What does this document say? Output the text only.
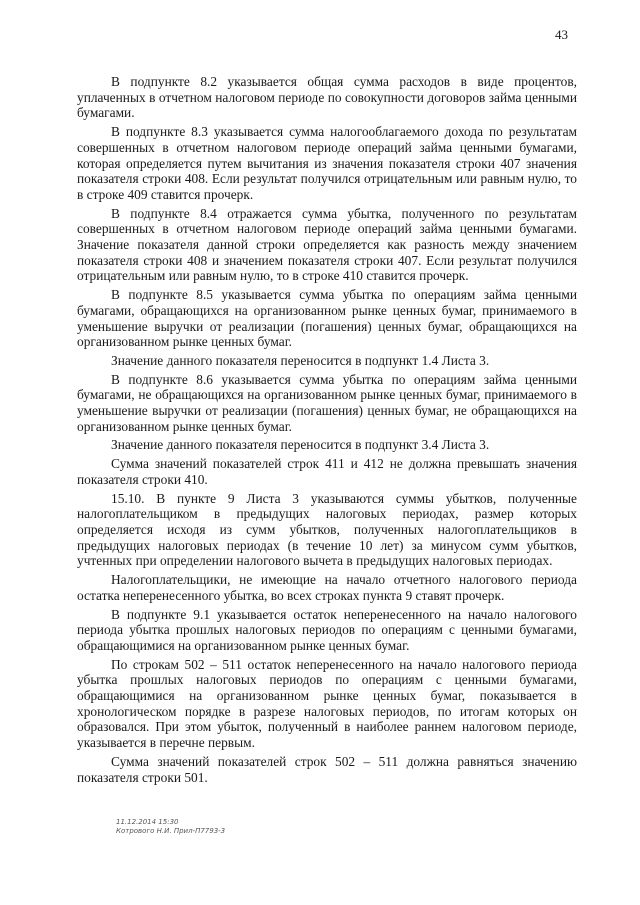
43

В подпункте 8.2 указывается общая сумма расходов в виде процентов, уплаченных в отчетном налоговом периоде по совокупности договоров займа ценными бумагами.

В подпункте 8.3 указывается сумма налогооблагаемого дохода по результатам совершенных в отчетном налоговом периоде операций займа ценными бумагами, которая определяется путем вычитания из значения показателя строки 407 значения показателя строки 408. Если результат получился отрицательным или равным нулю, то в строке 409 ставится прочерк.

В подпункте 8.4 отражается сумма убытка, полученного по результатам совершенных в отчетном налоговом периоде операций займа ценными бумагами. Значение показателя данной строки определяется как разность между значением показателя строки 408 и значением показателя строки 407. Если результат получился отрицательным или равным нулю, то в строке 410 ставится прочерк.

В подпункте 8.5 указывается сумма убытка по операциям займа ценными бумагами, обращающихся на организованном рынке ценных бумаг, принимаемого в уменьшение выручки от реализации (погашения) ценных бумаг, обращающихся на организованном рынке ценных бумаг.

Значение данного показателя переносится в подпункт 1.4 Листа 3.

В подпункте 8.6 указывается сумма убытка по операциям займа ценными бумагами, не обращающихся на организованном рынке ценных бумаг, принимаемого в уменьшение выручки от реализации (погашения) ценных бумаг, не обращающихся на организованном рынке ценных бумаг.

Значение данного показателя переносится в подпункт 3.4 Листа 3.

Сумма значений показателей строк 411 и 412 не должна превышать значения показателя строки 410.

15.10. В пункте 9 Листа 3 указываются суммы убытков, полученные налогоплательщиком в предыдущих налоговых периодах, размер которых определяется исходя из сумм убытков, полученных налогоплательщиков в предыдущих налоговых периодах (в течение 10 лет) за минусом сумм убытков, учтенных при определении налогового вычета в предыдущих налоговых периодах.

Налогоплательщики, не имеющие на начало отчетного налогового периода остатка неперенесенного убытка, во всех строках пункта 9 ставят прочерк.

В подпункте 9.1 указывается остаток неперенесенного на начало налогового периода убытка прошлых налоговых периодов по операциям с ценными бумагами, обращающимися на организованном рынке ценных бумаг.

По строкам 502 – 511 остаток неперенесенного на начало налогового периода убытка прошлых налоговых периодов по операциям с ценными бумагами, обращающимися на организованном рынке ценных бумаг, показывается в хронологическом порядке в разрезе налоговых периодов, по итогам которых он образовался. При этом убыток, полученный в наиболее раннем налоговом периоде, указывается в перечне первым.

Сумма значений показателей строк 502 – 511 должна равняться значению показателя строки 501.

11.12.2014 15:30
Котрового Н.И. Прил-П7793-3
